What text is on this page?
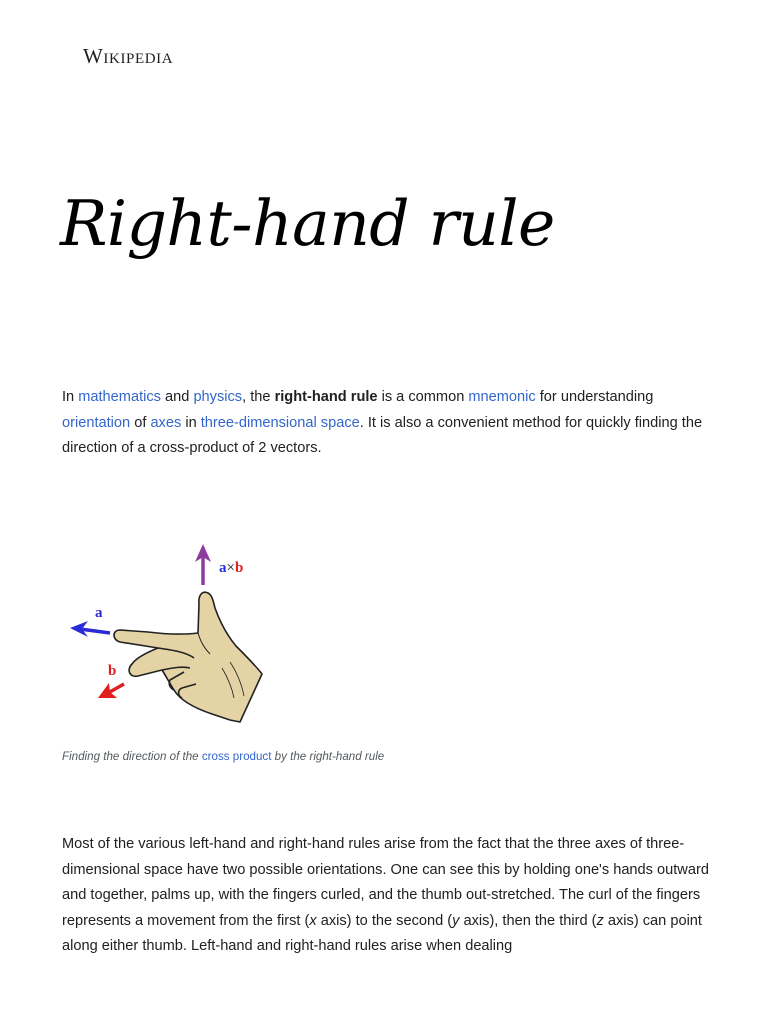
Wikipedia
Right-hand rule

In mathematics and physics, the right-hand rule is a common mnemonic for understanding orientation of axes in three-dimensional space. It is also a convenient method for quickly finding the direction of a cross-product of 2 vectors.

a
b
a×b
Finding the direction of the cross product by the right-hand rule

Most of the various left-hand and right-hand rules arise from the fact that the three axes of three-dimensional space have two possible orientations. One can see this by holding one's hands outward and together, palms up, with the fingers curled, and the thumb out-stretched. The curl of the fingers represents a movement from the first (x axis) to the second (y axis), then the third (z axis) can point along either thumb. Left-hand and right-hand rules arise when dealing
